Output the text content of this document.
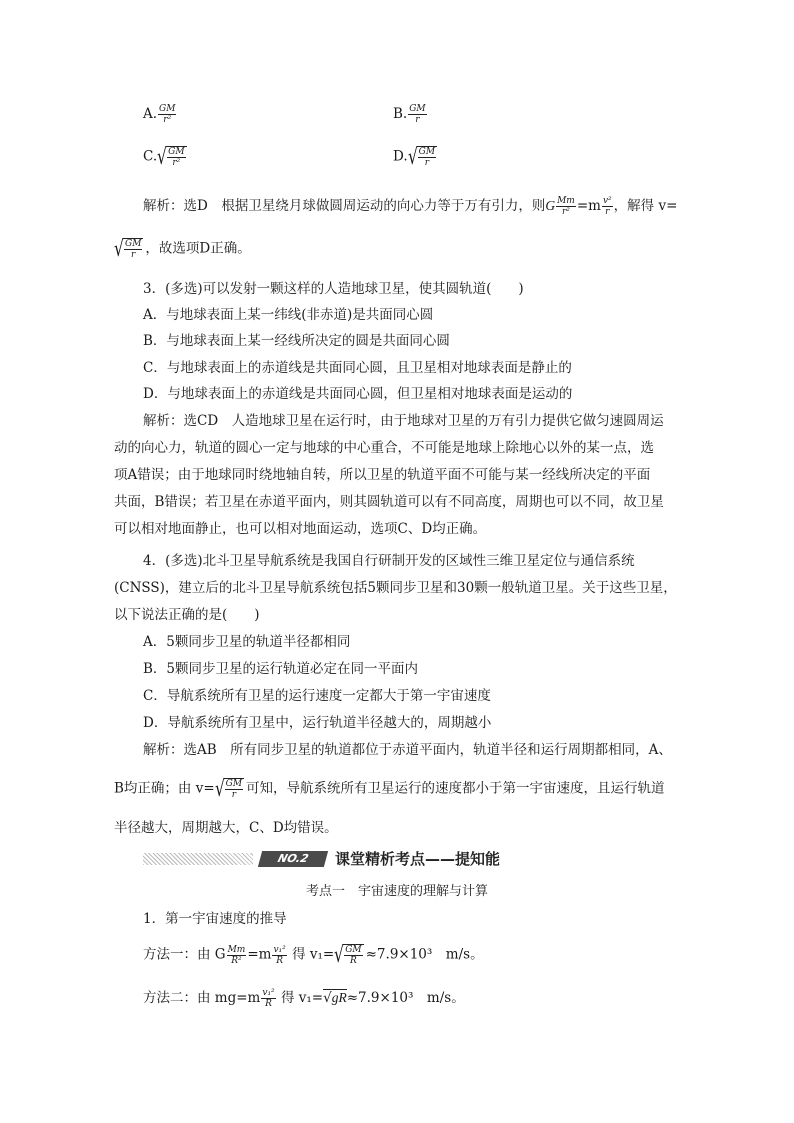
A. $\frac{GM}{\text{r²}}$	B. $\frac{GM}{r}$
C. √ $\frac{GM}{\text{r²}}$	D. √ $\frac{GM}{r}$
解析：选D　根据卫星绕月球做圆周运动的向心力等于万有引力，则G $\frac{Mm}{\text{r²}} =m \frac{\text{v²}}{r}$ ，解得 v=
√ $\frac{GM}{r}$ ，故选项D正确。
3．(多选)可以发射一颗这样的人造地球卫星，使其圆轨道(　　)
A．与地球表面上某一纬线(非赤道)是共面同心圆
B．与地球表面上某一经线所决定的圆是共面同心圆
C．与地球表面上的赤道线是共面同心圆，且卫星相对地球表面是静止的
D．与地球表面上的赤道线是共面同心圆，但卫星相对地球表面是运动的
解析：选CD　人造地球卫星在运行时，由于地球对卫星的万有引力提供它做匀速圆周运
动的向心力，轨道的圆心一定与地球的中心重合，不可能是地球上除地心以外的某一点，选
项A错误；由于地球同时绕地轴自转，所以卫星的轨道平面不可能与某一经线所决定的平面
共面，B错误；若卫星在赤道平面内，则其圆轨道可以有不同高度，周期也可以不同，故卫星
可以相对地面静止，也可以相对地面运动，选项C、D均正确。
4．(多选)北斗卫星导航系统是我国自行研制开发的区域性三维卫星定位与通信系统
(CNSS)，建立后的北斗卫星导航系统包括5颗同步卫星和30颗一般轨道卫星。关于这些卫星，
以下说法正确的是(　　)
A．5颗同步卫星的轨道半径都相同
B．5颗同步卫星的运行轨道必定在同一平面内
C．导航系统所有卫星的运行速度一定都大于第一宇宙速度
D．导航系统所有卫星中，运行轨道半径越大的，周期越小
解析：选AB　所有同步卫星的轨道都位于赤道平面内，轨道半径和运行周期都相同，A、
B均正确；由 v= √ $\frac{GM}{r}$ 可知，导航系统所有卫星运行的速度都小于第一宇宙速度，且运行轨道
半径越大，周期越大，C、D均错误。
NO.2	课堂精析考点——提知能
考点一　宇宙速度的理解与计算
1．第一宇宙速度的推导
方法一：由 G $\frac{Mm}{\text{R²}} =m \frac{\text{v₁²}}{R}$ 得 v₁= √ $\frac{GM}{R} \approx 7.9\times 10^3$　m/s。
方法二：由 $mg=m \frac{\text{v₁²}}{R}$ 得 v₁=√gR≈7.9×10³　m/s。
